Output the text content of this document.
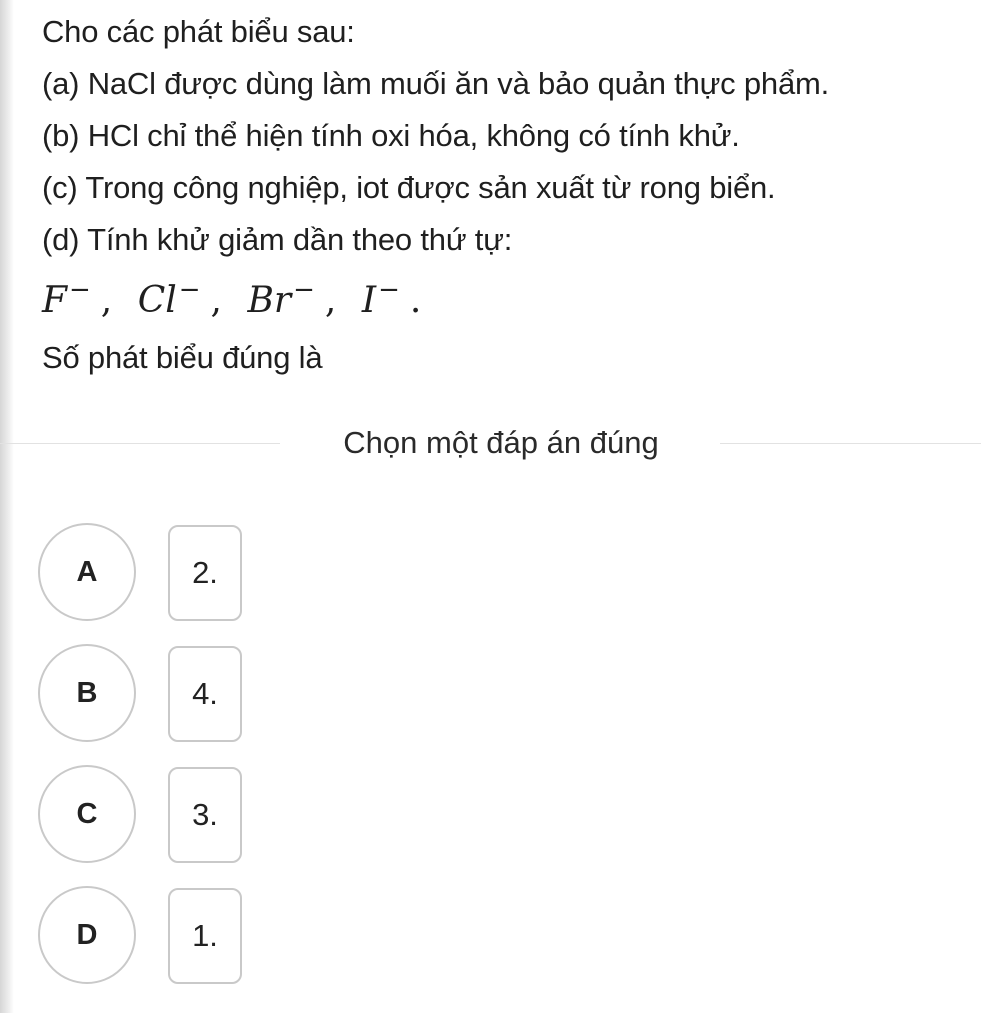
Cho các phát biểu sau:
(a) NaCl được dùng làm muối ăn và bảo quản thực phẩm.
(b) HCl chỉ thể hiện tính oxi hóa, không có tính khử.
(c) Trong công nghiệp, iot được sản xuất từ rong biển.
(d) Tính khử giảm dần theo thứ tự:
F− , Cl− , Br− , I− .
Số phát biểu đúng là
Chọn một đáp án đúng
A	2.
B	4.
C	3.
D	1.
